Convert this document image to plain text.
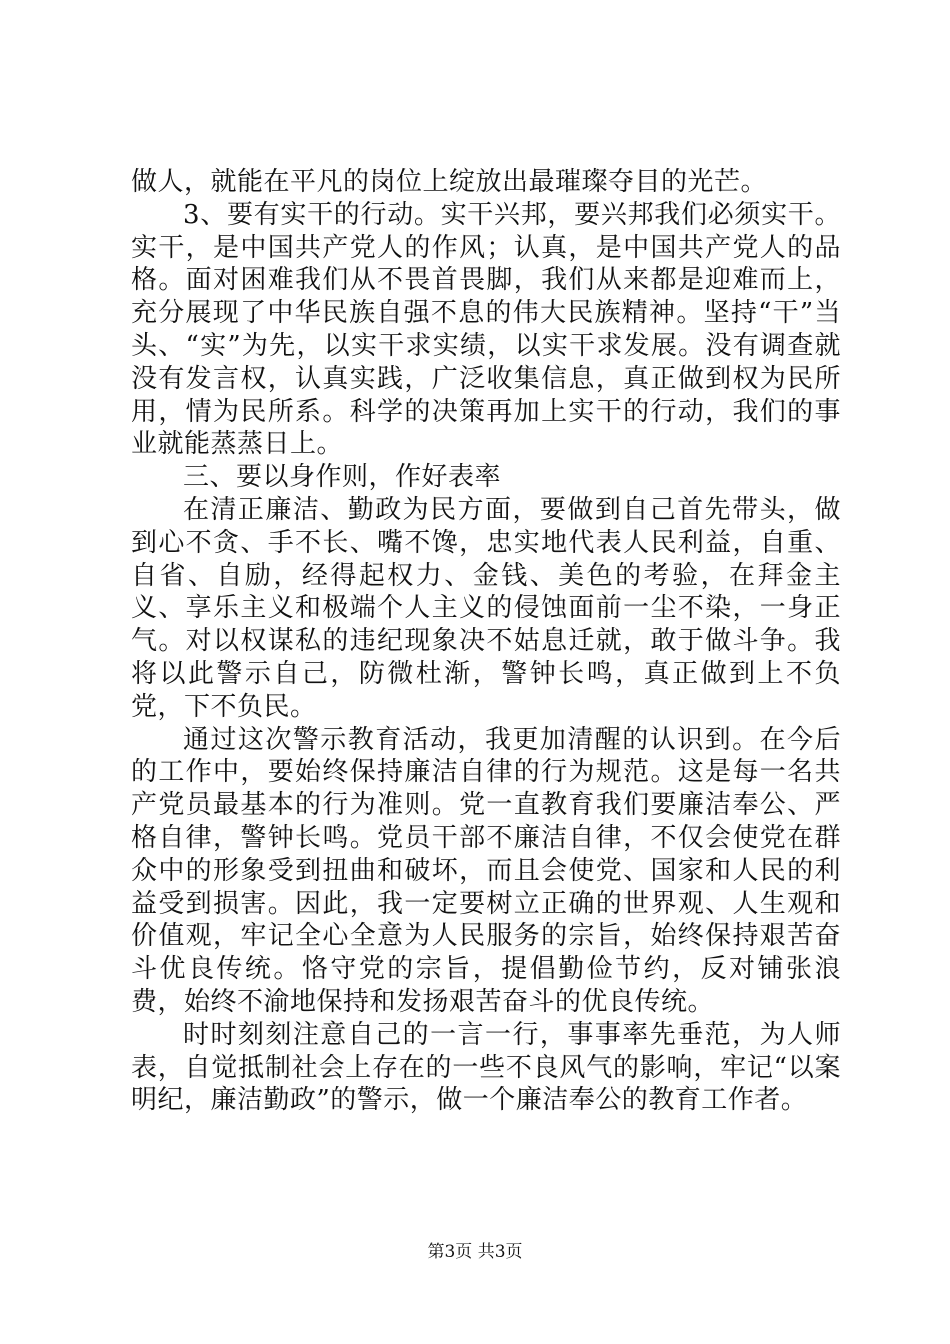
做人，就能在平凡的岗位上绽放出最璀璨夺目的光芒。

3、要有实干的行动。实干兴邦，要兴邦我们必须实干。实干，是中国共产党人的作风；认真，是中国共产党人的品格。面对困难我们从不畏首畏脚，我们从来都是迎难而上，充分展现了中华民族自强不息的伟大民族精神。坚持“干”当头、“实”为先，以实干求实绩，以实干求发展。没有调查就没有发言权，认真实践，广泛收集信息，真正做到权为民所用，情为民所系。科学的决策再加上实干的行动，我们的事业就能蒸蒸日上。

三、要以身作则，作好表率

在清正廉洁、勤政为民方面，要做到自己首先带头，做到心不贪、手不长、嘴不馋，忠实地代表人民利益，自重、自省、自励，经得起权力、金钱、美色的考验，在拜金主义、享乐主义和极端个人主义的侵蚀面前一尘不染，一身正气。对以权谋私的违纪现象决不姑息迁就，敢于做斗争。我将以此警示自己，防微杜渐，警钟长鸣，真正做到上不负党，下不负民。

通过这次警示教育活动，我更加清醒的认识到。在今后的工作中，要始终保持廉洁自律的行为规范。这是每一名共产党员最基本的行为准则。党一直教育我们要廉洁奉公、严格自律，警钟长鸣。党员干部不廉洁自律，不仅会使党在群众中的形象受到扭曲和破坏，而且会使党、国家和人民的利益受到损害。因此，我一定要树立正确的世界观、人生观和价值观，牢记全心全意为人民服务的宗旨，始终保持艰苦奋斗优良传统。恪守党的宗旨，提倡勤俭节约，反对铺张浪费，始终不渝地保持和发扬艰苦奋斗的优良传统。

时时刻刻注意自己的一言一行，事事率先垂范，为人师表，自觉抵制社会上存在的一些不良风气的影响，牢记“以案明纪，廉洁勤政”的警示，做一个廉洁奉公的教育工作者。

第3页 共3页
